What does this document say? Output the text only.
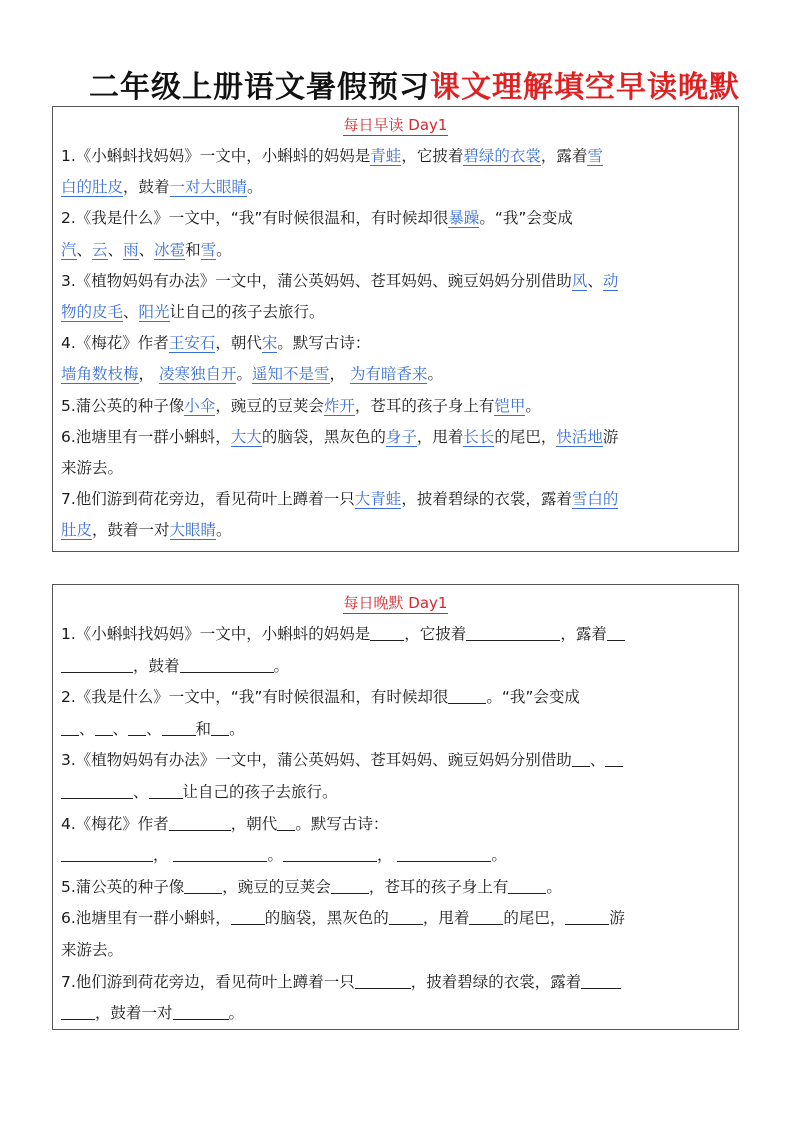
二年级上册语文暑假预习课文理解填空早读晚默
每日早读 Day1
1.《小蝌蚪找妈妈》一文中，小蝌蚪的妈妈是青蛙，它披着碧绿的衣裳，露着雪
白的肚皮，鼓着一对大眼睛。
2.《我是什么》一文中，“我”有时候很温和，有时候却很暴躁。“我”会变成
汽、云、雨、冰雹和雪。
3.《植物妈妈有办法》一文中，蒲公英妈妈、苍耳妈妈、豌豆妈妈分别借助风、动
物的皮毛、阳光让自己的孩子去旅行。
4.《梅花》作者王安石，朝代宋。默写古诗：
墙角数枝梅， 凌寒独自开。遥知不是雪， 为有暗香来。
5.蒲公英的种子像小伞，豌豆的豆荚会炸开，苍耳的孩子身上有铠甲。
6.池塘里有一群小蝌蚪，大大的脑袋，黑灰色的身子，甩着长长的尾巴，快活地游
来游去。
7.他们游到荷花旁边，看见荷叶上蹲着一只大青蛙，披着碧绿的衣裳，露着雪白的
肚皮，鼓着一对大眼睛。
每日晚默 Day1
1.《小蝌蚪找妈妈》一文中，小蝌蚪的妈妈是 ，它披着	，露着
，鼓着	。
2.《我是什么》一文中，“我”有时候很温和，有时候却很 。“我”会变成
、 、 、 和 。
3.《植物妈妈有办法》一文中，蒲公英妈妈、苍耳妈妈、豌豆妈妈分别借助 、
、 让自己的孩子去旅行。
4.《梅花》作者	，朝代 。默写古诗：
，	。	，	。
5.蒲公英的种子像 ，豌豆的豆荚会 ，苍耳的孩子身上有 。
6.池塘里有一群小蝌蚪， 的脑袋，黑灰色的 ，甩着 的尾巴，	游
来游去。
7.他们游到荷花旁边，看见荷叶上蹲着一只	，披着碧绿的衣裳，露着
，鼓着一对	。
